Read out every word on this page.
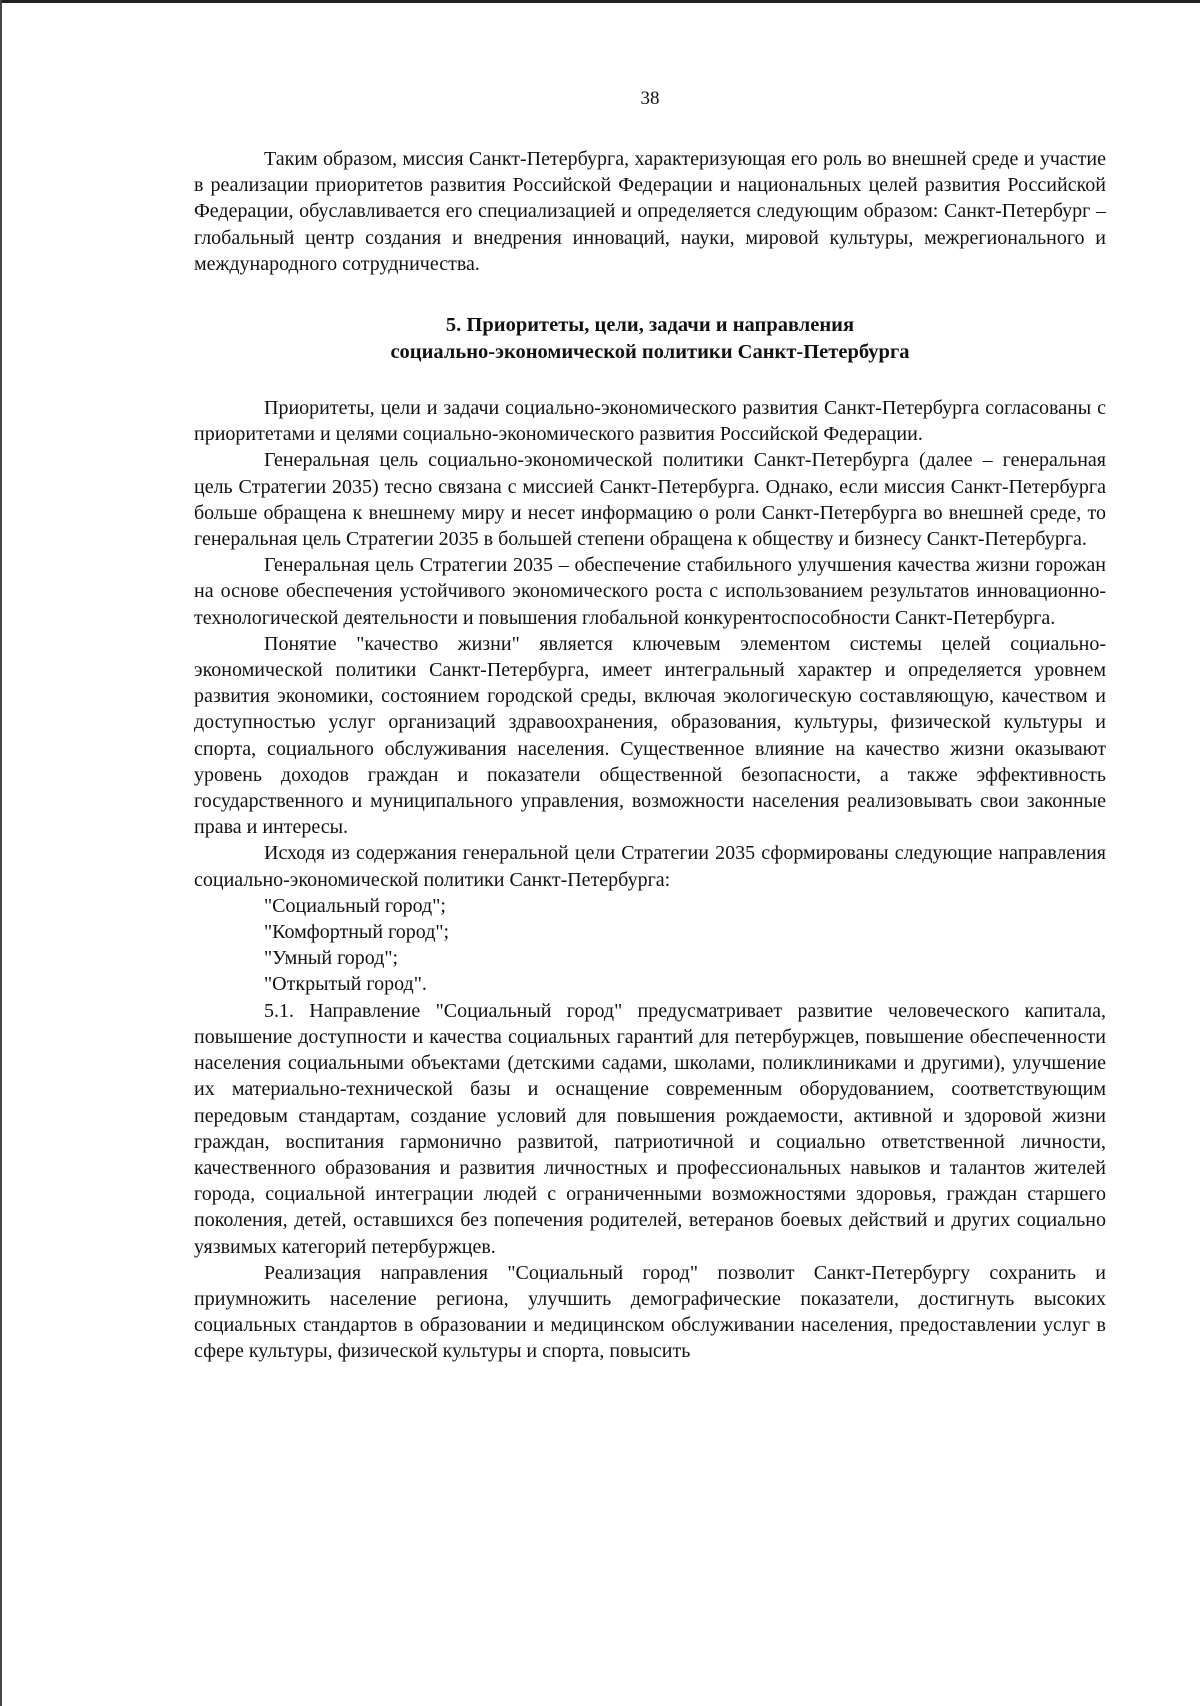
38

Таким образом, миссия Санкт-Петербурга, характеризующая его роль во внешней среде и участие в реализации приоритетов развития Российской Федерации и национальных целей развития Российской Федерации, обуславливается его специализацией и определяется следующим образом: Санкт-Петербург – глобальный центр создания и внедрения инноваций, науки, мировой культуры, межрегионального и международного сотрудничества.

5. Приоритеты, цели, задачи и направления
социально-экономической политики Санкт-Петербурга

Приоритеты, цели и задачи социально-экономического развития Санкт-Петербурга согласованы с приоритетами и целями социально-экономического развития Российской Федерации.

Генеральная цель социально-экономической политики Санкт-Петербурга (далее – генеральная цель Стратегии 2035) тесно связана с миссией Санкт-Петербурга. Однако, если миссия Санкт-Петербурга больше обращена к внешнему миру и несет информацию о роли Санкт-Петербурга во внешней среде, то генеральная цель Стратегии 2035 в большей степени обращена к обществу и бизнесу Санкт-Петербурга.

Генеральная цель Стратегии 2035 – обеспечение стабильного улучшения качества жизни горожан на основе обеспечения устойчивого экономического роста с использованием результатов инновационно-технологической деятельности и повышения глобальной конкурентоспособности Санкт-Петербурга.

Понятие "качество жизни" является ключевым элементом системы целей социально-экономической политики Санкт-Петербурга, имеет интегральный характер и определяется уровнем развития экономики, состоянием городской среды, включая экологическую составляющую, качеством и доступностью услуг организаций здравоохранения, образования, культуры, физической культуры и спорта, социального обслуживания населения. Существенное влияние на качество жизни оказывают уровень доходов граждан и показатели общественной безопасности, а также эффективность государственного и муниципального управления, возможности населения реализовывать свои законные права и интересы.

Исходя из содержания генеральной цели Стратегии 2035 сформированы следующие направления социально-экономической политики Санкт-Петербурга:

"Социальный город";
"Комфортный город";
"Умный город";
"Открытый город".

5.1. Направление "Социальный город" предусматривает развитие человеческого капитала, повышение доступности и качества социальных гарантий для петербуржцев, повышение обеспеченности населения социальными объектами (детскими садами, школами, поликлиниками и другими), улучшение их материально-технической базы и оснащение современным оборудованием, соответствующим передовым стандартам, создание условий для повышения рождаемости, активной и здоровой жизни граждан, воспитания гармонично развитой, патриотичной и социально ответственной личности, качественного образования и развития личностных и профессиональных навыков и талантов жителей города, социальной интеграции людей с ограниченными возможностями здоровья, граждан старшего поколения, детей, оставшихся без попечения родителей, ветеранов боевых действий и других социально уязвимых категорий петербуржцев.

Реализация направления "Социальный город" позволит Санкт-Петербургу сохранить и приумножить население региона, улучшить демографические показатели, достигнуть высоких социальных стандартов в образовании и медицинском обслуживании населения, предоставлении услуг в сфере культуры, физической культуры и спорта, повысить
